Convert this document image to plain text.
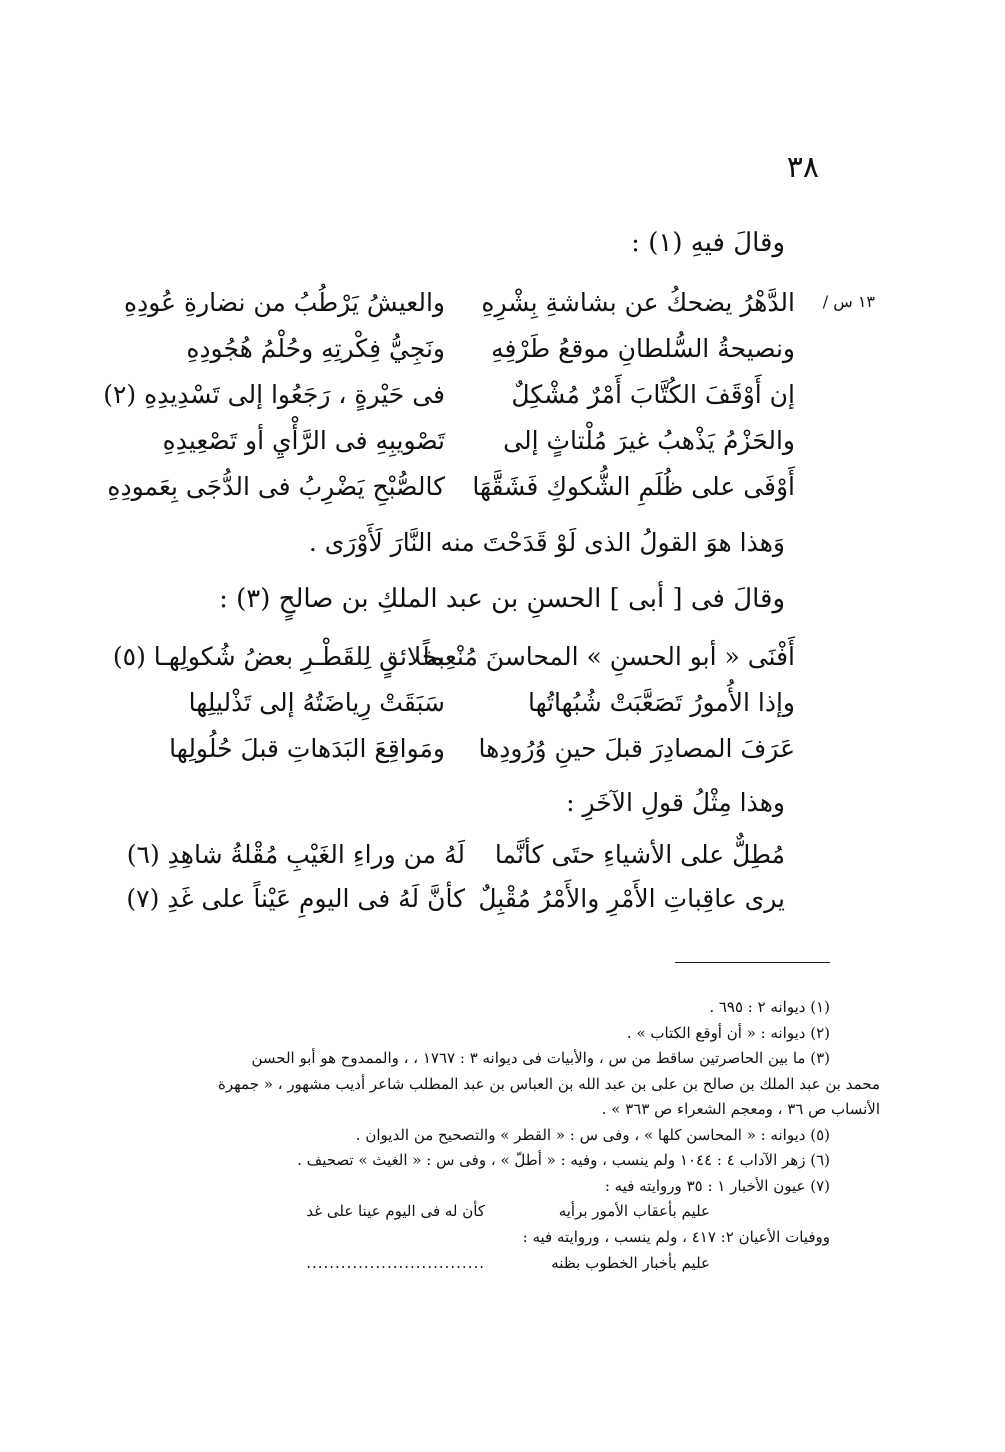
٣٨
وقالَ فيهِ (١) :
١٣ س /
الدَّهْرُ يضحكُ عن بشاشةِ بِشْرِهِ
والعيشُ يَرْطُبُ من نضارةِ عُودِهِ
ونصيحةُ السُّلطانِ موقعُ طَرْفِهِ
ونَجِيُّ فِكْرتِهِ وحُلْمُ هُجُودِهِ
إن أَوْقَفَ الكُتَّابَ أَمْرٌ مُشْكِلٌ
فى حَيْرةٍ ، رَجَعُوا إلى تَسْدِيدِهِ (٢)
والحَزْمُ يَذْهبُ غيرَ مُلْتاثٍ إلى
تَصْويبِهِ فى الرَّأْيِ أو تَصْعِيدِهِ
أَوْفَى على ظُلَمِ الشُّكوكِ فَشَقَّهَا
كالصُّبْحِ يَضْرِبُ فى الدُّجَى بِعَمودِهِ
وَهذا هوَ القولُ الذى لَوْ قَدَحْتَ منه النَّارَ لَأَوْرَى .
وقالَ فى [ أبى ] الحسنِ بن عبد الملكِ بن صالحٍ (٣) :
أَفْنَى « أبو الحسنِ » المحاسنَ مُنْعِماً
بخلائقٍ لِلقَطْـرِ بعضُ شُكولِهـا (٥)
وإذا الأُمورُ تَصَعَّبَتْ شُبُهاتُها
سَبَقَتْ رِياضَتُهُ إلى تَذْليلِها
عَرَفَ المصادِرَ قبلَ حينِ وُرُودِها
ومَواقِعَ البَدَهاتِ قبلَ حُلُولِها
وهذا مِثْلُ قولِ الآخَرِ :
مُطِلٌّ على الأشياءِ حتَى كأنَّما
لَهُ من وراءِ الغَيْبِ مُقْلةُ شاهِدِ (٦)
يرى عاقِباتِ الأَمْرِ والأَمْرُ مُقْبِلٌ
كأنَّ لَهُ فى اليومِ عَيْناً على غَدِ (٧)
(١) ديوانه ٢ : ٦٩٥ .
(٢) ديوانه : « أن أوقع الكتاب » .
(٣) ما بين الحاصرتين ساقط من س ، والأبيات فى ديوانه ٣ : ١٧٦٧ ، ، والممدوح هو أبو الحسن
محمد بن عبد الملك بن صالح بن على بن عبد الله بن العباس بن عبد المطلب شاعر أديب مشهور ، « جمهرة
الأنساب ص ٣٦ ، ومعجم الشعراء ص ٣٦٣ » .
(٥) ديوانه : « المحاسن كلها » ، وفى س : « القطر » والتصحيح من الديوان .
(٦) زهر الآداب ٤ : ١٠٤٤ ولم ينسب ، وفيه : « أطلّ » ، وفى س : « الغيث » تصحيف .
(٧) عيون الأخبار ١ : ٣٥ وروايته فيه :
عليم بأعقاب الأمور برأيه
كأن له فى اليوم عينا على غد
ووفيات الأعيان ٢: ٤١٧ ، ولم ينسب ، وروايته فيه :
عليم بأخبار الخطوب بظنه
...............................
